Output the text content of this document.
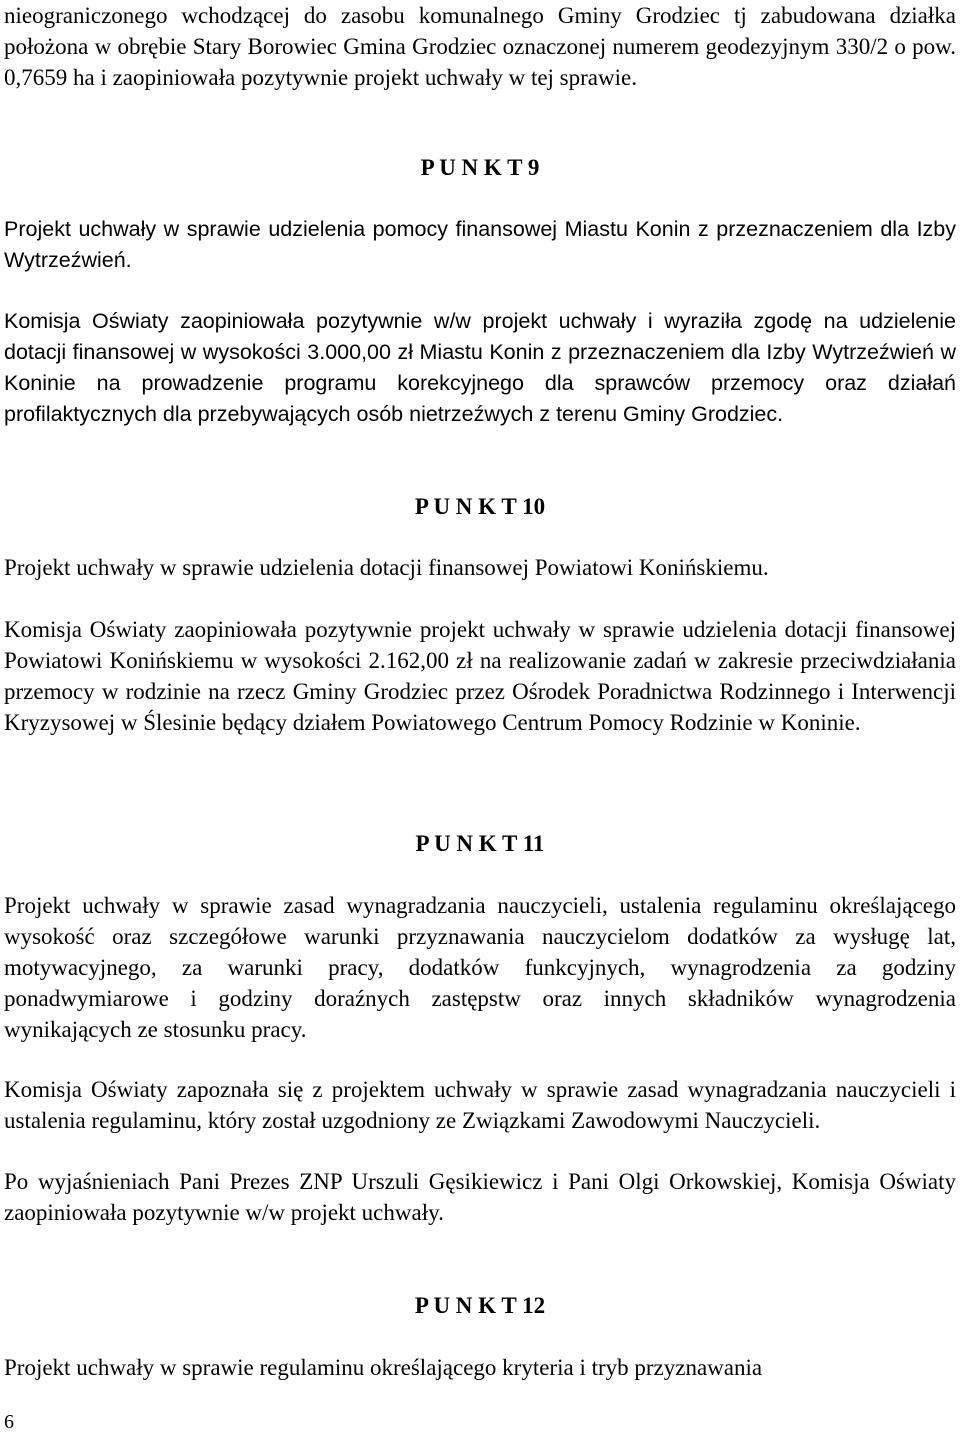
nieograniczonego wchodzącej do zasobu komunalnego Gminy Grodziec tj zabudowana działka położona w obrębie Stary Borowiec Gmina Grodziec oznaczonej numerem geodezyjnym 330/2 o pow. 0,7659 ha i zaopiniowała pozytywnie projekt uchwały w tej sprawie.

P U N K T 9

Projekt uchwały w sprawie udzielenia pomocy finansowej Miastu Konin z przeznaczeniem dla Izby Wytrzeźwień.

Komisja Oświaty zaopiniowała pozytywnie w/w projekt uchwały i wyraziła zgodę na udzielenie dotacji finansowej w wysokości 3.000,00 zł Miastu Konin z przeznaczeniem dla Izby Wytrzeźwień w Koninie na prowadzenie programu korekcyjnego dla sprawców przemocy oraz działań profilaktycznych dla przebywających osób nietrzeźwych z terenu Gminy Grodziec.

P U N K T 10

Projekt uchwały w sprawie udzielenia dotacji finansowej Powiatowi Konińskiemu.

Komisja Oświaty zaopiniowała pozytywnie projekt uchwały w sprawie udzielenia dotacji finansowej Powiatowi Konińskiemu w wysokości 2.162,00 zł na realizowanie zadań w zakresie przeciwdziałania przemocy w rodzinie na rzecz Gminy Grodziec przez Ośrodek Poradnictwa Rodzinnego i Interwencji Kryzysowej w Ślesinie będący działem Powiatowego Centrum Pomocy Rodzinie w Koninie.

P U N K T 11

Projekt uchwały w sprawie zasad wynagradzania nauczycieli, ustalenia regulaminu określającego wysokość oraz szczegółowe warunki przyznawania nauczycielom dodatków za wysługę lat, motywacyjnego, za warunki pracy, dodatków funkcyjnych, wynagrodzenia za godziny ponadwymiarowe i godziny doraźnych zastępstw oraz innych składników wynagrodzenia wynikających ze stosunku pracy.

Komisja Oświaty zapoznała się z projektem uchwały w sprawie zasad wynagradzania nauczycieli i ustalenia regulaminu, który został uzgodniony ze Związkami Zawodowymi Nauczycieli.

Po wyjaśnieniach Pani Prezes ZNP Urszuli Gęsikiewicz i Pani Olgi Orkowskiej, Komisja Oświaty zaopiniowała pozytywnie w/w projekt uchwały.

P U N K T 12

Projekt uchwały w sprawie regulaminu określającego kryteria i tryb przyznawania

6
